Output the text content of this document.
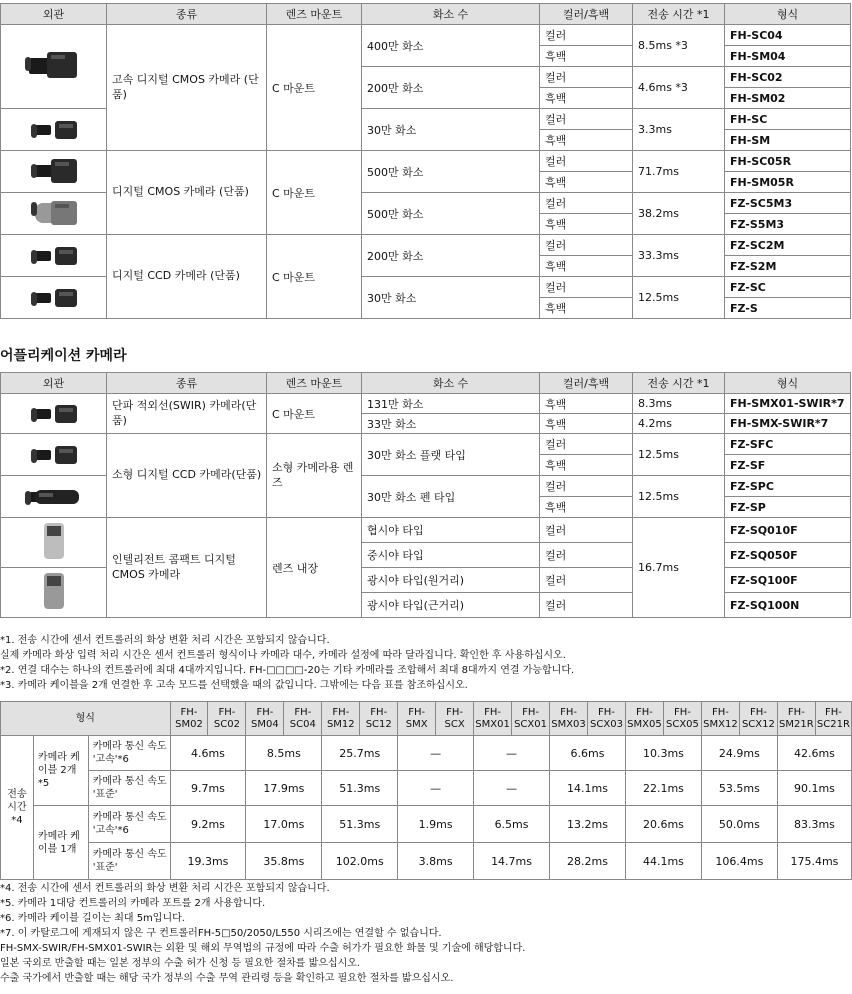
외관	종류	렌즈 마운트	화소 수	컬러/흑백	전송 시간 *1	형식

	고속 디지털 CMOS 카메라 (단품)	C 마운트	400만 화소	컬러	8.5ms *3	FH-SC04
				흑백		FH-SM04
			200만 화소	컬러	4.6ms *3	FH-SC02
				흑백		FH-SM02

			30만 화소	컬러	3.3ms	FH-SC
				흑백		FH-SM

	디지털 CMOS 카메라 (단품)	C 마운트	500만 화소	컬러	71.7ms	FH-SC05R
				흑백		FH-SM05R

			500만 화소	컬러	38.2ms	FZ-SC5M3
				흑백		FZ-S5M3

	디지털 CCD 카메라 (단품)	C 마운트	200만 화소	컬러	33.3ms	FZ-SC2M
				흑백		FZ-S2M

			30만 화소	컬러	12.5ms	FZ-SC
				흑백		FZ-S
어플리케이션 카메라
외관	종류	렌즈 마운트	화소 수	컬러/흑백	전송 시간 *1	형식

	단파 적외선(SWIR) 카메라(단품)	C 마운트	131만 화소	흑백	8.3ms	FH-SMX01-SWIR*7
			33만 화소	흑백	4.2ms	FH-SMX-SWIR*7

	소형 디지털 CCD 카메라(단품)	소형 카메라용 렌즈	30만 화소 플랫 타입	컬러	12.5ms	FZ-SFC
				흑백		FZ-SF

			30만 화소 펜 타입	컬러	12.5ms	FZ-SPC
				흑백		FZ-SP

	인텔리전트 콤팩트 디지털 CMOS 카메라	렌즈 내장	협시야 타입	컬러	16.7ms	FZ-SQ010F
			중시야 타입	컬러		FZ-SQ050F

			광시야 타입(원거리)	컬러		FZ-SQ100F
			광시야 타입(근거리)	컬러		FZ-SQ100N

*1. 전송 시간에 센서 컨트롤러의 화상 변환 처리 시간은 포함되지 않습니다.

실제 카메라 화상 입력 처리 시간은 센서 컨트롤러 형식이나 카메라 대수, 카메라 설정에 따라 달라집니다. 확인한 후 사용하십시오.

*2. 연결 대수는 하나의 컨트롤러에 최대 4대까지입니다. FH-□□□□-20는 기타 카메라를 조합해서 최대 8대까지 연결 가능합니다.

*3. 카메라 케이블을 2개 연결한 후 고속 모드를 선택했을 때의 값입니다. 그밖에는 다음 표를 참조하십시오.

형식			FH-SM02	FH-SC02	FH-SM04	FH-SC04	FH-SM12	FH-SC12	FH-SMX	FH-SCX	FH-SMX01	FH-SCX01	FH-SMX03	FH-SCX03	FH-SMX05	FH-SCX05	FH-SMX12	FH-SCX12	FH-SM21R	FH-SC21R
전송 시간 *4	카메라 케이블 2개*5	카메라 통신 속도 '고속'*6	4.6ms		8.5ms		25.7ms		—		—		6.6ms		10.3ms		24.9ms		42.6ms	
		카메라 통신 속도 '표준'	9.7ms		17.9ms		51.3ms		—		—		14.1ms		22.1ms		53.5ms		90.1ms	
	카메라 케이블 1개	카메라 통신 속도 '고속'*6	9.2ms		17.0ms		51.3ms		1.9ms		6.5ms		13.2ms		20.6ms		50.0ms		83.3ms	
		카메라 통신 속도 '표준'	19.3ms		35.8ms		102.0ms		3.8ms		14.7ms		28.2ms		44.1ms		106.4ms		175.4ms	

*4. 전송 시간에 센서 컨트롤러의 화상 변환 처리 시간은 포함되지 않습니다.

*5. 카메라 1대당 컨트롤러의 카메라 포트를 2개 사용합니다.

*6. 카메라 케이블 길이는 최대 5m입니다.

*7. 이 카탈로그에 게재되지 않은 구 컨트롤러FH-5□50/2050/L550 시리즈에는 연결할 수 없습니다.

FH-SMX-SWIR/FH-SMX01-SWIR는 외환 및 해외 무역법의 규정에 따라 수출 허가가 필요한 화물 및 기술에 해당합니다.

일본 국외로 반출할 때는 일본 정부의 수출 허가 신청 등 필요한 절차를 밟으십시오.

수출 국가에서 반출할 때는 해당 국가 정부의 수출 무역 관리령 등을 확인하고 필요한 절차를 밟으십시오.
